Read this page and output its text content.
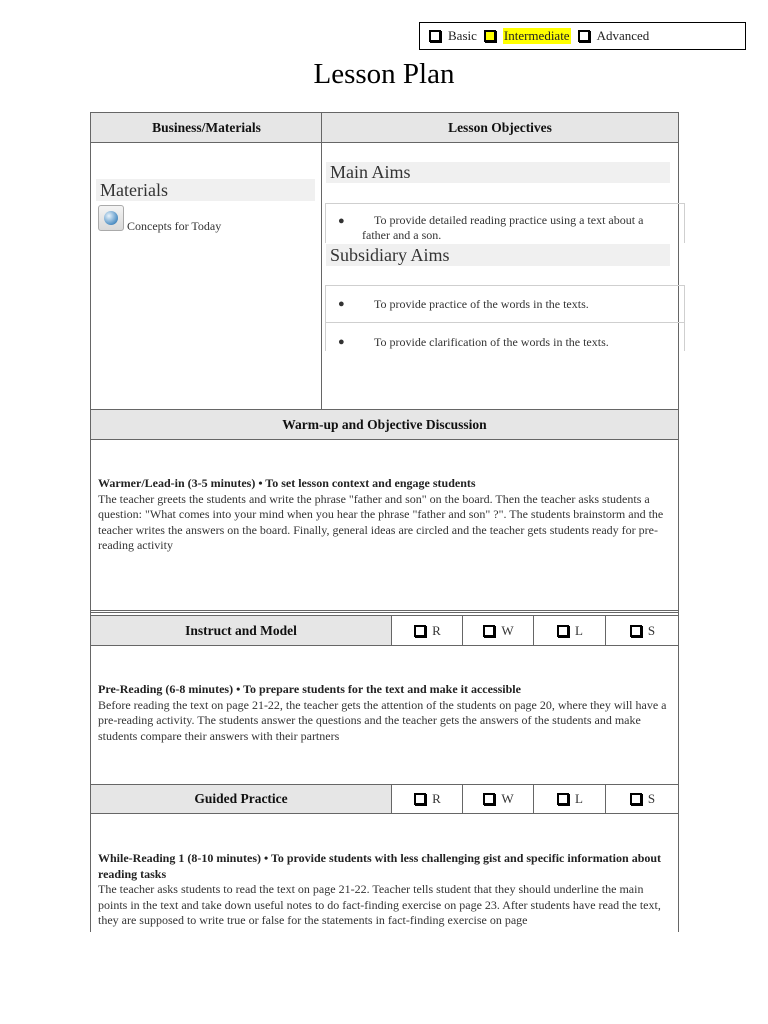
Basic Intermediate Advanced
Lesson Plan
Business/Materials	Lesson Objectives
Materials
Concepts for Today
Main Aims
●	To provide detailed reading practice using a text about a father and a son.
Subsidiary Aims
● To provide practice of the words in the texts.
● To provide clarification of the words in the texts.
Warm-up and Objective Discussion
Warmer/Lead-in (3-5 minutes) • To set lesson context and engage students
The teacher greets the students and write the phrase "father and son" on the board. Then the teacher asks students a question: "What comes into your mind when you hear the phrase "father and son" ?". The students brainstorm and the teacher writes the answers on the board. Finally, general ideas are circled and the teacher gets students ready for pre-reading activity
Instruct and Model	R	W	L	S
Pre-Reading (6-8 minutes) • To prepare students for the text and make it accessible
Before reading the text on page 21-22, the teacher gets the attention of the students on page 20, where they will have a pre-reading activity. The students answer the questions and the teacher gets the answers of the students and make students compare their answers with their partners
Guided Practice	R	W	L	S
While-Reading 1 (8-10 minutes) • To provide students with less challenging gist and specific information about reading tasks
The teacher asks students to read the text on page 21-22. Teacher tells student that they should underline the main points in the text and take down useful notes to do fact-finding exercise on page 23. After students have read the text, they are supposed to write true or false for the statements in fact-finding exercise on page
